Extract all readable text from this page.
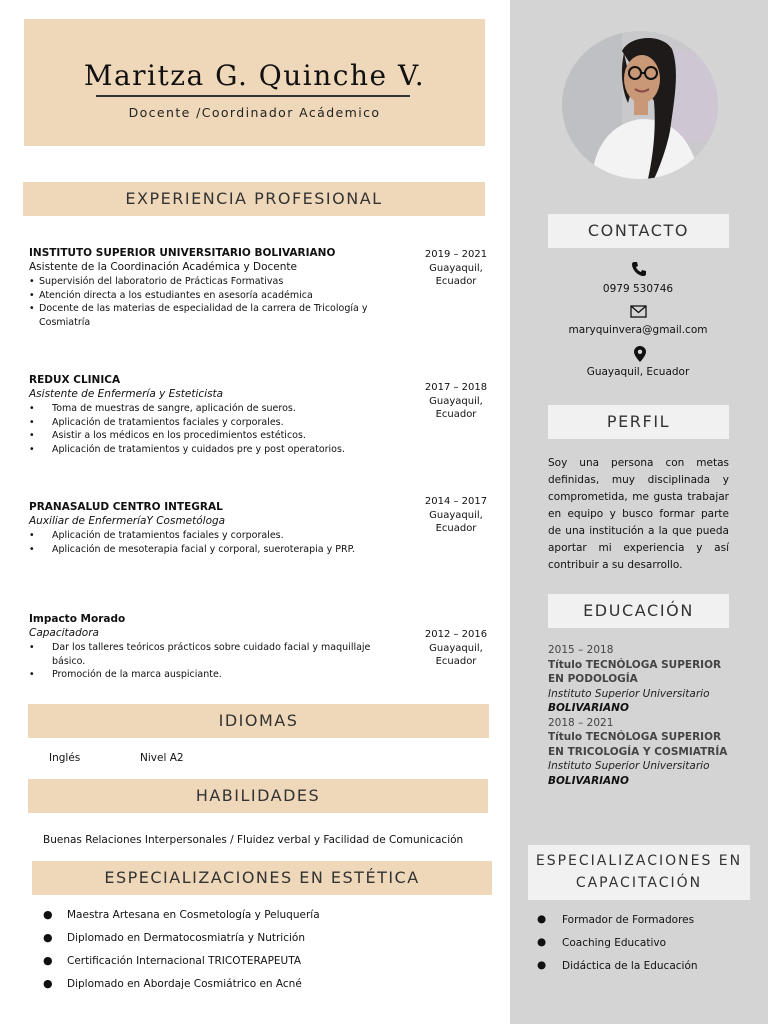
Maritza G. Quinche V.
Docente /Coordinador Acádemico
EXPERIENCIA PROFESIONAL
INSTITUTO SUPERIOR UNIVERSITARIO BOLIVARIANO
Asistente de la Coordinación Académica y Docente
• Supervisión del laboratorio de Prácticas Formativas
• Atención directa a los estudiantes en asesoría académica
• Docente de las materias de especialidad de la carrera de Tricología y Cosmiatría
2019 – 2021
Guayaquil,
Ecuador
REDUX CLINICA
Asistente de Enfermería y Esteticista
• Toma de muestras de sangre, aplicación de sueros.
• Aplicación de tratamientos faciales y corporales.
• Asistir a los médicos en los procedimientos estéticos.
• Aplicación de tratamientos y cuidados pre y post operatorios.
2017 – 2018
Guayaquil,
Ecuador
PRANASALUD CENTRO INTEGRAL
Auxiliar de EnfermeríaY Cosmetóloga
• Aplicación de tratamientos faciales y corporales.
• Aplicación de mesoterapia facial y corporal, sueroterapia y PRP.
2014 – 2017
Guayaquil,
Ecuador
Impacto Morado
Capacitadora
• Dar los talleres teóricos prácticos sobre cuidado facial y maquillaje básico.
• Promoción de la marca auspiciante.
2012 – 2016
Guayaquil,
Ecuador
IDIOMAS
Inglés	Nivel A2
HABILIDADES
Buenas Relaciones Interpersonales / Fluidez verbal y Facilidad de Comunicación
ESPECIALIZACIONES EN ESTÉTICA
● Maestra Artesana en Cosmetología y Peluquería
● Diplomado en Dermatocosmiatría y Nutrición
● Certificación Internacional TRICOTERAPEUTA
● Diplomado en Abordaje Cosmiátrico en Acné
CONTACTO
0979 530746
maryquinvera@gmail.com
Guayaquil, Ecuador
PERFIL
Soy una persona con metas definidas, muy disciplinada y comprometida, me gusta trabajar en equipo y busco formar parte de una institución a la que pueda aportar mi experiencia y así contribuir a su desarrollo.
EDUCACIÓN
2015 – 2018
Título TECNÓLOGA SUPERIOR EN PODOLOGÍA
Instituto Superior Universitario
BOLIVARIANO
2018 – 2021
Título TECNÓLOGA SUPERIOR EN TRICOLOGÍA Y COSMIATRÍA
Instituto Superior Universitario
BOLIVARIANO
ESPECIALIZACIONES EN
CAPACITACIÓN
● Formador de Formadores
● Coaching Educativo
● Didáctica de la Educación
